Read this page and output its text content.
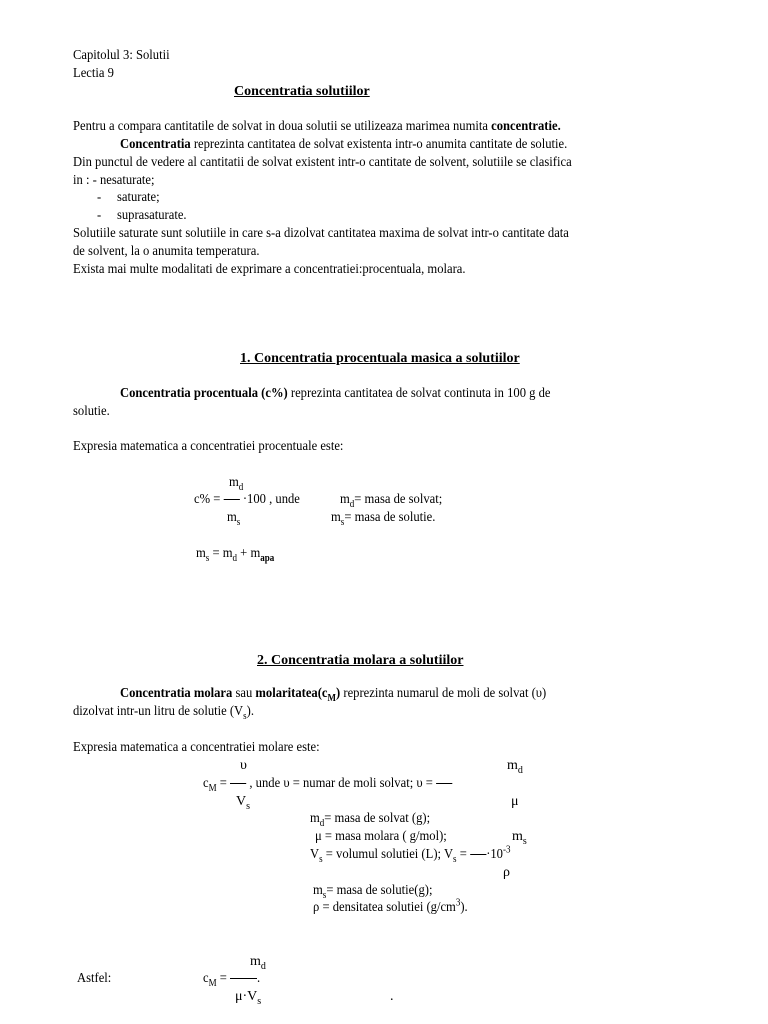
Capitolul 3: Solutii
Lectia 9
Concentratia solutiilor
Pentru a compara cantitatile de solvat in doua solutii se utilizeaza marimea numita concentratie.
Concentratia reprezinta cantitatea de solvat existenta intr-o anumita cantitate de solutie.
Din punctul de vedere al cantitatii de solvat existent intr-o cantitate de solvent, solutiile se clasifica
in : - nesaturate;
-     saturate;
-     suprasaturate.
Solutiile saturate sunt solutiile in care s-a dizolvat cantitatea maxima de solvat intr-o cantitate data
de solvent, la o anumita temperatura.
Exista mai multe modalitati de exprimare a concentratiei:procentuala, molara.
1. Concentratia procentuala masica a solutiilor
Concentratia procentuala (c%) reprezinta cantitatea de solvat continuta in 100 g de
solutie.
Expresia matematica a concentratiei procentuale este:
$m_d$
c% =  ·100 , unde	$m_d=$ masa de solvat;
$m_s$	$m_s=$ masa de solutie.
$m_s = m_d + m_{apa}$
2. Concentratia molara a solutiilor
Concentratia molara sau $molaritatea(c_M)$ reprezinta numarul de moli de solvat (υ)
dizolvat intr-un litru de solutie $(V_s)$.
Expresia matematica a concentratiei molare este:
υ	$m_d$
$c_M$ =  , unde υ = numar de moli solvat; υ =
$V_s$	μ
$m_d=$ masa de solvat (g);
μ = masa molara ( g/mol);	$m_s$
$V_s$ = volumul solutiei (L); $V_s = \cdot 10^{-3}$
ρ
$m_s=$ masa de solutie(g);
ρ = densitatea solutiei $(g/cm^3)$.
$m_d$
Astfel:	$c_M$ = .
$\mu\cdot V_s$	.
